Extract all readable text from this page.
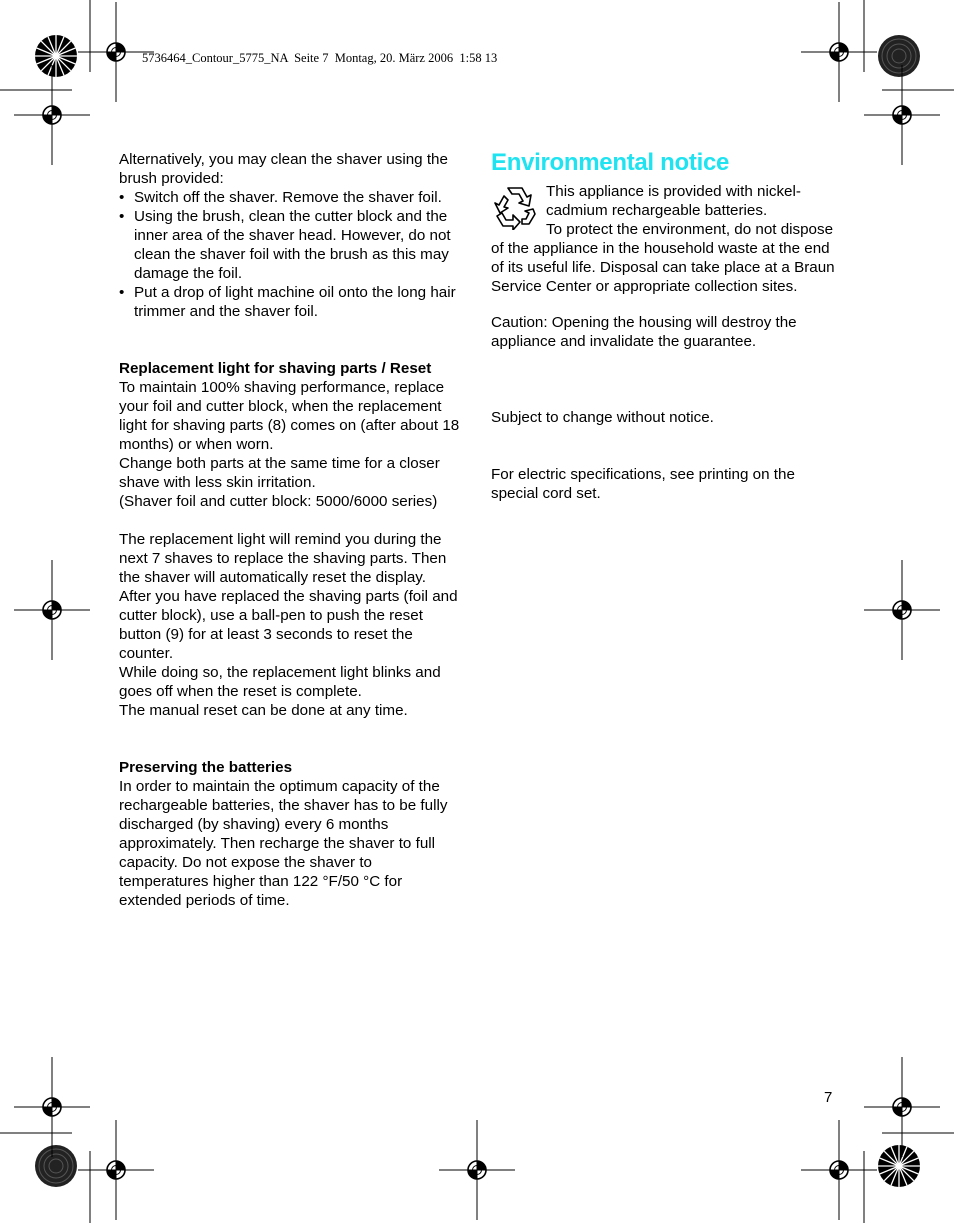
5736464_Contour_5775_NA  Seite 7  Montag, 20. März 2006  1:58 13

Alternatively, you may clean the shaver using the brush provided:

• Switch off the shaver. Remove the shaver foil.
• Using the brush, clean the cutter block and the inner area of the shaver head. However, do not clean the shaver foil with the brush as this may damage the foil.
• Put a drop of light machine oil onto the long hair trimmer and the shaver foil.

Replacement light for shaving parts / Reset

To maintain 100% shaving performance, replace your foil and cutter block, when the replacement light for shaving parts (8) comes on (after about 18 months) or when worn.

Change both parts at the same time for a closer shave with less skin irritation.

(Shaver foil and cutter block: 5000/6000 series)

The replacement light will remind you during the next 7 shaves to replace the shaving parts. Then the shaver will automatically reset the display.

After you have replaced the shaving parts (foil and cutter block), use a ball-pen to push the reset button (9) for at least 3 seconds to reset the counter.

While doing so, the replacement light blinks and goes off when the reset is complete.

The manual reset can be done at any time.

Preserving the batteries

In order to maintain the optimum capacity of the rechargeable batteries, the shaver has to be fully discharged (by shaving) every 6 months approximately. Then recharge the shaver to full capacity. Do not expose the shaver to temperatures higher than 122 °F/50 °C for extended periods of time.

Environmental notice

This appliance is provided with nickel-cadmium rechargeable batteries.

To protect the environment, do not dispose of the appliance in the household waste at the end of its useful life. Disposal can take place at a Braun Service Center or appropriate collection sites.

Caution: Opening the housing will destroy the appliance and invalidate the guarantee.

Subject to change without notice.

For electric specifications, see printing on the special cord set.

7
